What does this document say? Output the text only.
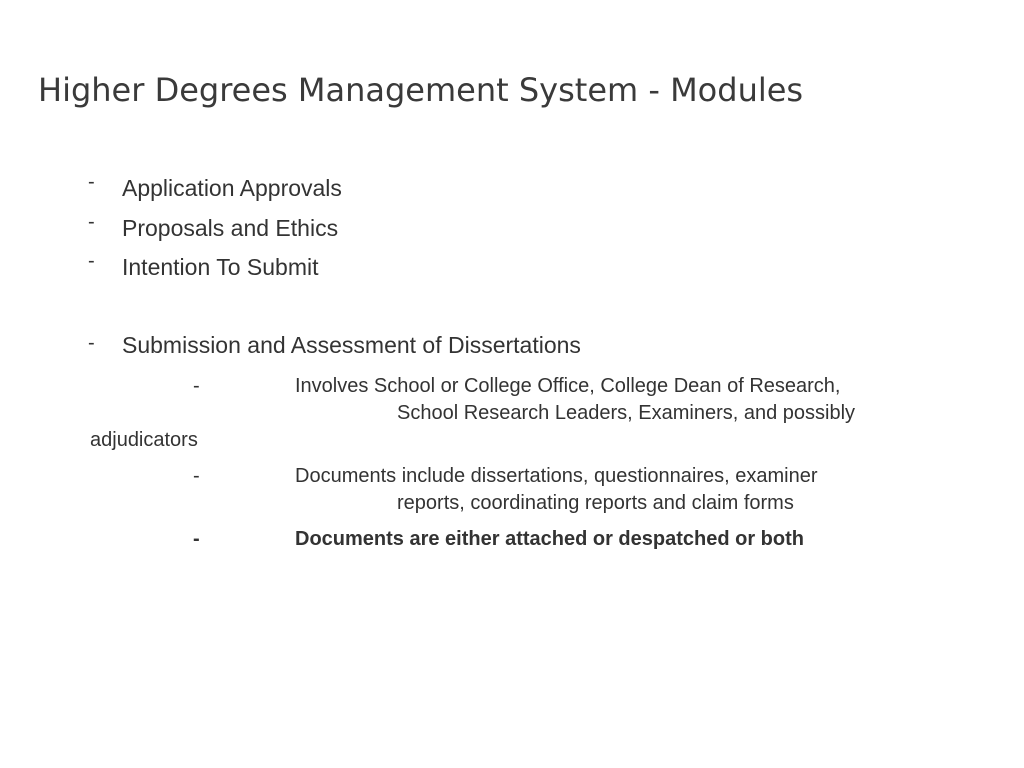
Higher Degrees Management System - Modules
- Application Approvals
- Proposals and Ethics
- Intention To Submit
- Submission and Assessment of Dissertations
-	Involves School or College Office, College Dean of Research,
School Research Leaders, Examiners, and possibly
adjudicators
-	Documents include dissertations, questionnaires, examiner
reports, coordinating reports and claim forms
-	Documents are either attached or despatched or both
